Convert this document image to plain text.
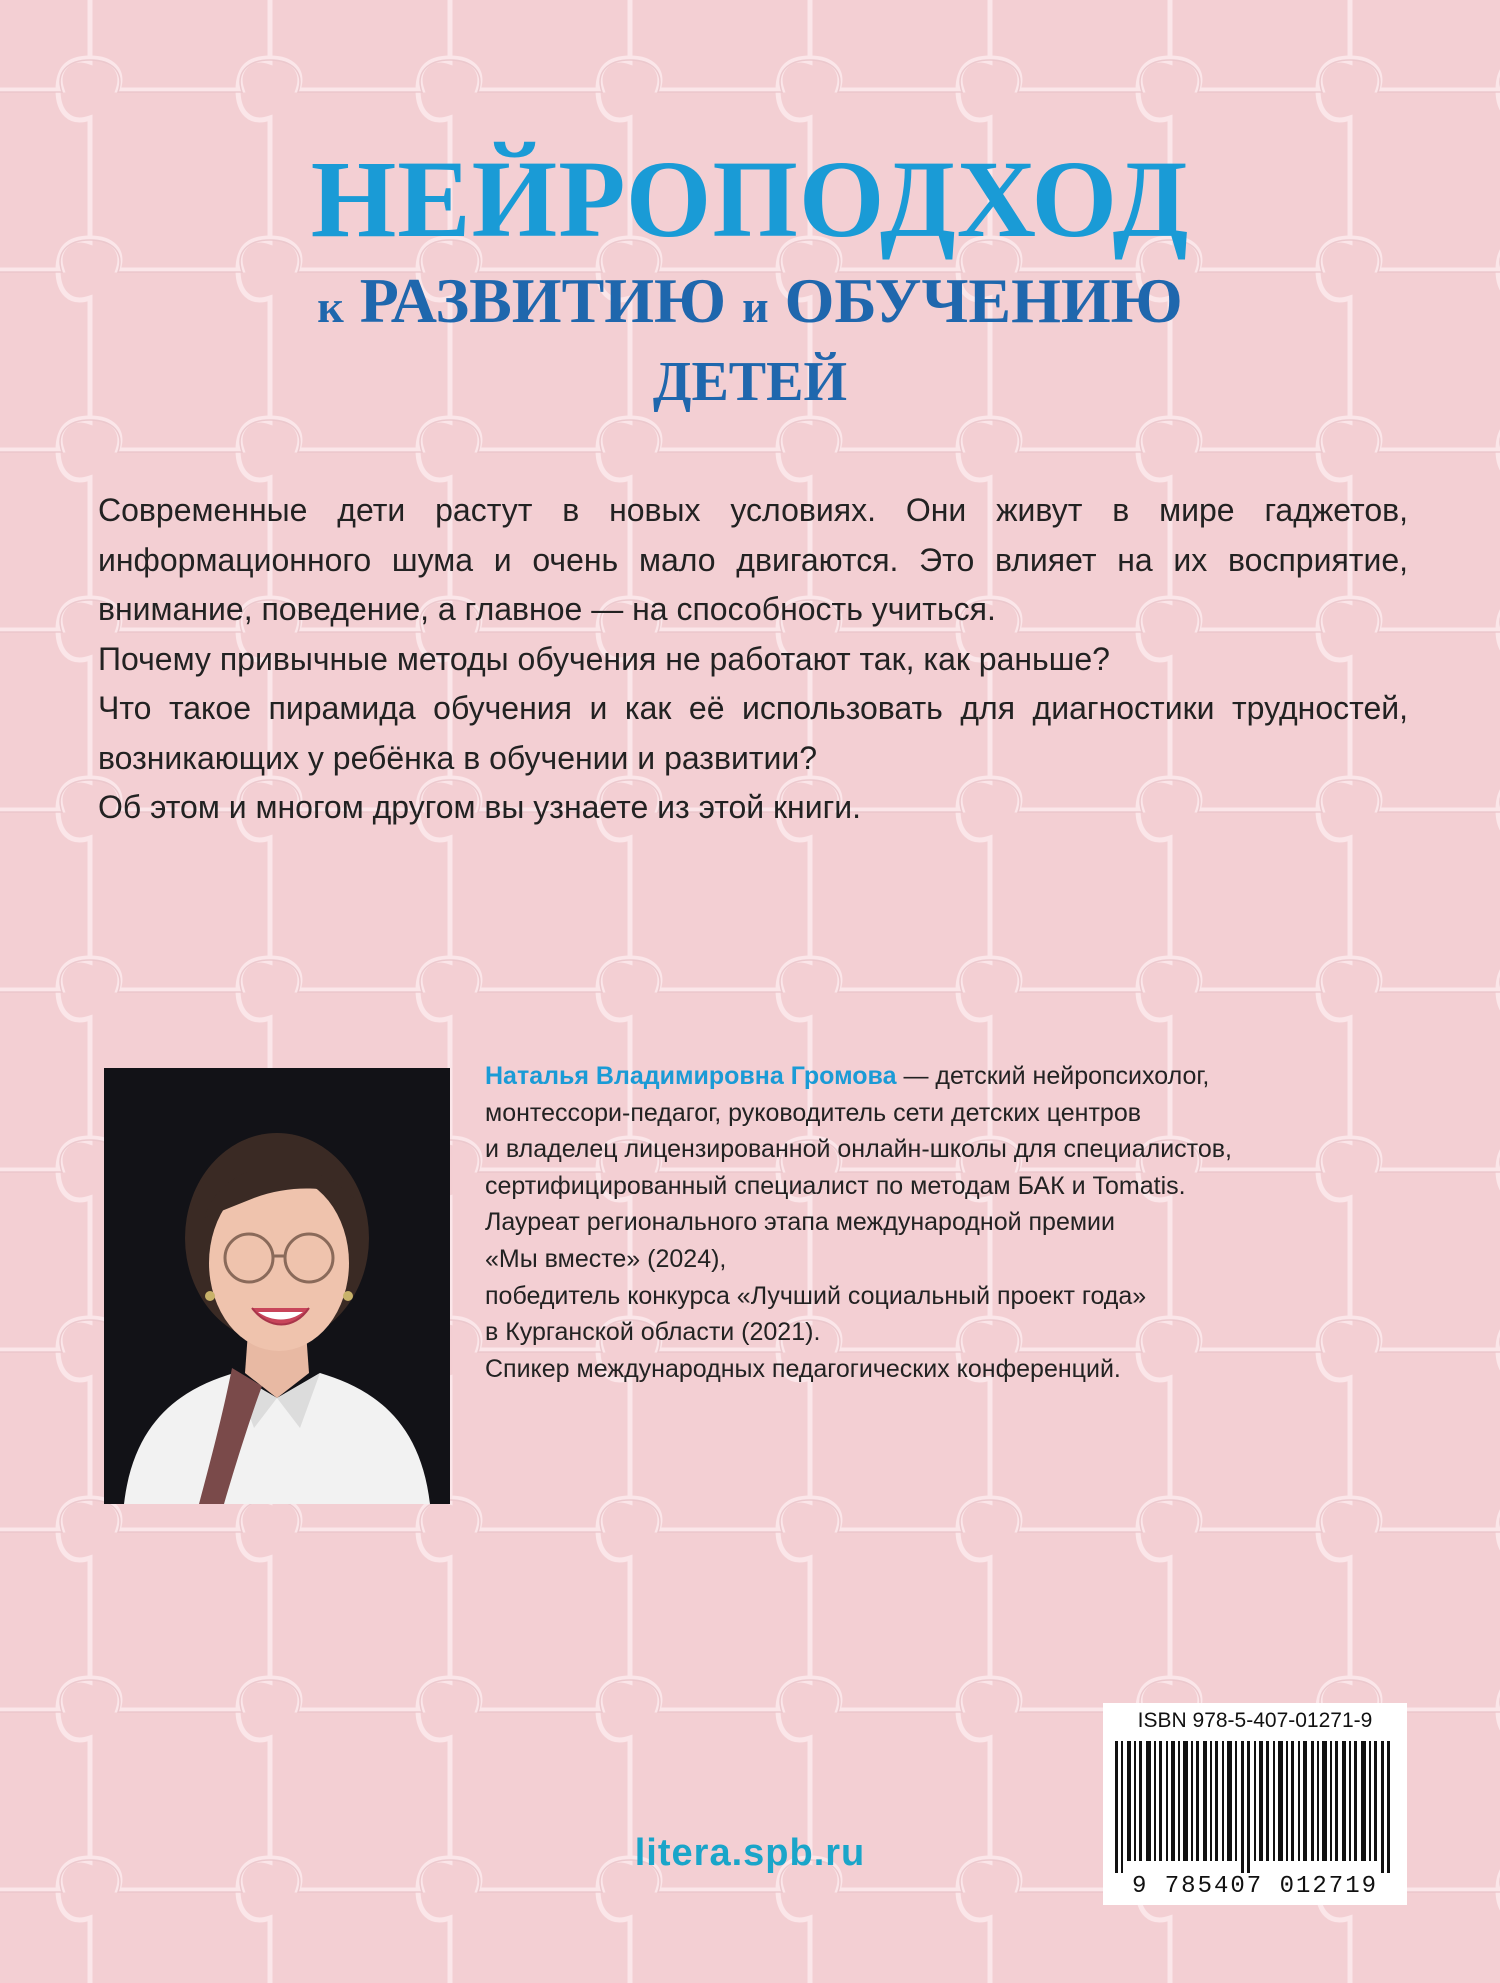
НЕЙРОПОДХОД
к РАЗВИТИЮ и ОБУЧЕНИЮ
ДЕТЕЙ

Современные дети растут в новых условиях. Они живут в мире гаджетов, информационного шума и очень мало двигаются. Это влияет на их восприятие, внимание, поведение, а главное — на способность учиться.

Почему привычные методы обучения не работают так, как раньше?

Что такое пирамида обучения и как её использовать для диагностики трудностей, возникающих у ребёнка в обучении и развитии?

Об этом и многом другом вы узнаете из этой книги.

Наталья Владимировна Громова — детский нейропсихолог,

монтессори-педагог, руководитель сети детских центров

и владелец лицензированной онлайн-школы для специалистов,

сертифицированный специалист по методам БАК и Tomatis.

Лауреат регионального этапа международной премии

«Мы вместе» (2024),

победитель конкурса «Лучший социальный проект года»

в Курганской области (2021).

Спикер международных педагогических конференций.

ISBN 978-5-407-01271-9
9 785407 012719
litera.spb.ru
